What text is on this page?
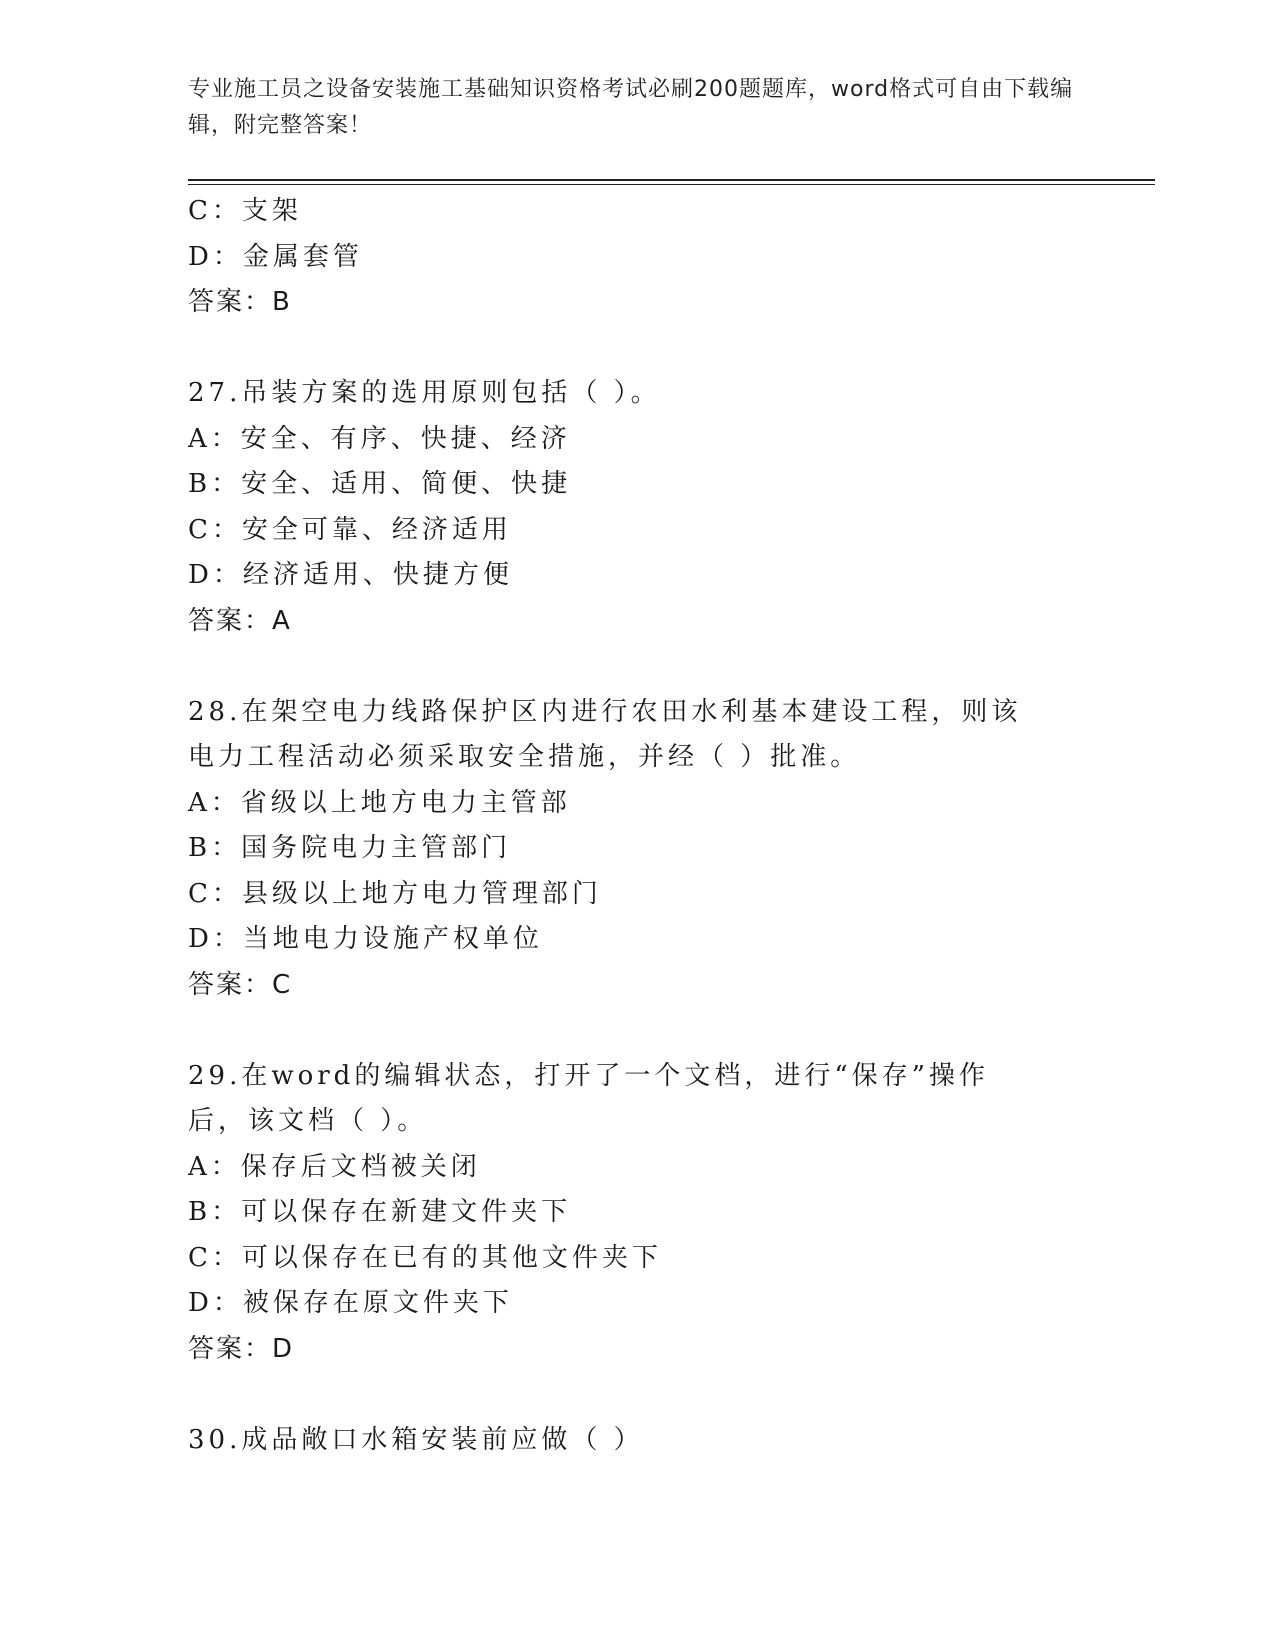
专业施工员之设备安装施工基础知识资格考试必刷200题题库，word格式可自由下载编辑，附完整答案！
C：支架
D：金属套管
答案：B
27.吊装方案的选用原则包括（ ）。
A：安全、有序、快捷、经济
B：安全、适用、简便、快捷
C：安全可靠、经济适用
D：经济适用、快捷方便
答案：A
28.在架空电力线路保护区内进行农田水利基本建设工程，则该电力工程活动必须采取安全措施，并经（ ）批准。
A：省级以上地方电力主管部
B：国务院电力主管部门
C：县级以上地方电力管理部门
D：当地电力设施产权单位
答案：C
29.在word的编辑状态，打开了一个文档，进行“保存”操作后，该文档（ ）。
A：保存后文档被关闭
B：可以保存在新建文件夹下
C：可以保存在已有的其他文件夹下
D：被保存在原文件夹下
答案：D
30.成品敞口水箱安装前应做（ ）
